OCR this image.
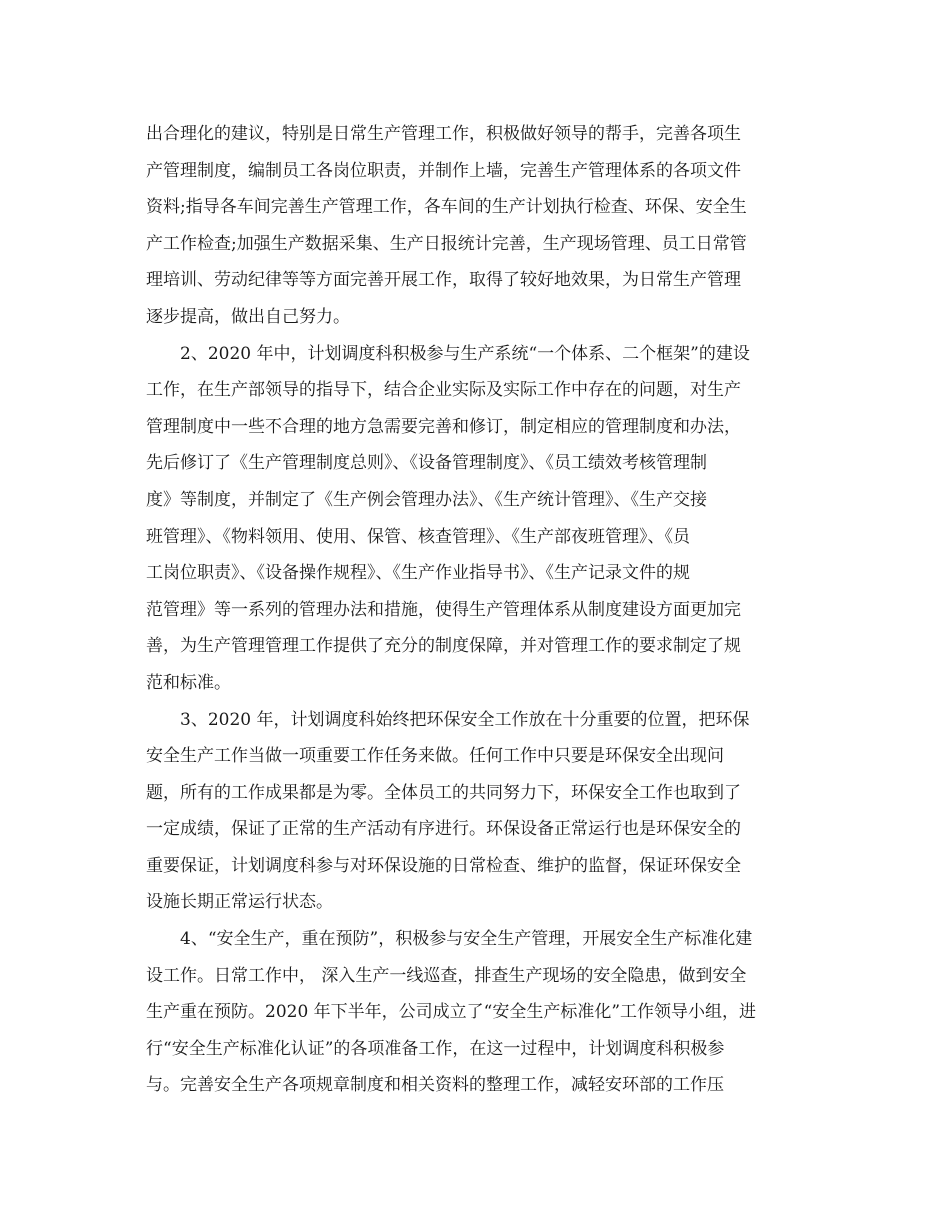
出合理化的建议，特别是日常生产管理工作，积极做好领导的帮手，完善各项生
产管理制度，编制员工各岗位职责，并制作上墙，完善生产管理体系的各项文件
资料;指导各车间完善生产管理工作，各车间的生产计划执行检查、环保、安全生
产工作检查;加强生产数据采集、生产日报统计完善，生产现场管理、员工日常管
理培训、劳动纪律等等方面完善开展工作，取得了较好地效果，为日常生产管理
逐步提高，做出自己努力。
2、2020 年中，计划调度科积极参与生产系统“一个体系、二个框架”的建设
工作，在生产部领导的指导下，结合企业实际及实际工作中存在的问题，对生产
管理制度中一些不合理的地方急需要完善和修订，制定相应的管理制度和办法，
先后修订了《生产管理制度总则》、《设备管理制度》、《员工绩效考核管理制
度》等制度，并制定了《生产例会管理办法》、《生产统计管理》、《生产交接
班管理》、《物料领用、使用、保管、核查管理》、《生产部夜班管理》、《员
工岗位职责》、《设备操作规程》、《生产作业指导书》、《生产记录文件的规
范管理》等一系列的管理办法和措施，使得生产管理体系从制度建设方面更加完
善，为生产管理管理工作提供了充分的制度保障，并对管理工作的要求制定了规
范和标准。
3、2020 年，计划调度科始终把环保安全工作放在十分重要的位置，把环保
安全生产工作当做一项重要工作任务来做。任何工作中只要是环保安全出现问
题，所有的工作成果都是为零。全体员工的共同努力下，环保安全工作也取到了
一定成绩，保证了正常的生产活动有序进行。环保设备正常运行也是环保安全的
重要保证，计划调度科参与对环保设施的日常检查、维护的监督，保证环保安全
设施长期正常运行状态。
4、“安全生产，重在预防”，积极参与安全生产管理，开展安全生产标准化建
设工作。日常工作中， 深入生产一线巡查，排查生产现场的安全隐患，做到安全
生产重在预防。2020 年下半年，公司成立了“安全生产标准化”工作领导小组，进
行“安全生产标准化认证”的各项准备工作，在这一过程中，计划调度科积极参
与。完善安全生产各项规章制度和相关资料的整理工作，减轻安环部的工作压
